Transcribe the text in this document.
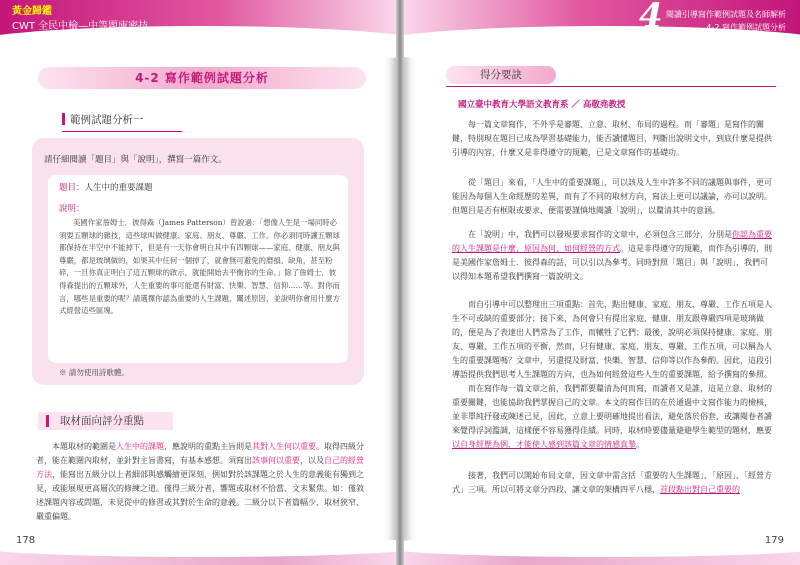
黃金歸鑑
CWT 全民中檢—中等題庫密技
4-2 寫作範例試題分析
範例試題分析一
請仔細閱讀「題目」與「說明」，撰寫一篇作文。
題目：人生中的重要課題
說明：
美國作家詹姆士．彼得森（James Patterson）曾說過：「想像人生是一場同時必須耍五顆球的雜技，這些球叫做健康、家庭、朋友、尊嚴、工作。你必須同時讓五顆球都保持在半空中不能掉下，但是有一天你會明白其中有四顆球——家庭、健康、朋友與尊嚴，都是玻璃做的，如果其中任何一個掉了，就會無可避免的磨損、缺角，甚至粉碎，一旦你真正明白了這五顆球的啟示，就能開始去平衡你的生命。」除了詹姆士．彼得森提出的五顆球外，人生重要的事可能還有財富、快樂、智慧、信仰……等。對你而言，哪些是重要的呢？請選擇你認為重要的人生課題，闡述原因，並說明你會用什麼方式經營這些區塊。
※ 請勿使用詩歌體。
取材面向評分重點
本題取材的範圍是人生中的課題，應說明的重點主旨則是其對人生何以重要。取得四級分者，能在範圍內取材，並針對主旨書寫，有基本感想。須寫出該事何以重要，以及自己的經營方法，能寫出五級分以上者細部與感觸繪更深刻，例如對於該課題之於人生的意義能有獨到之見，或能展現更高層次的修練之道。僅得三級分者，響題或取材不恰當、文末緊焦。如：僅敘述課題內容或問題，未見從中的修習或其對於生命的意義。二級分以下者篇幅少、取材狹窄、嚴重偏題。
178
4 閱讀引導寫作範例試題及名師解析
4-2 寫作範例試題分析
得分要訣
國立臺中教育大學語文教育系 ／ 高敬堯教授

每一篇文章寫作，不外乎是審題、立意、取材、布局的過程。而「審題」是寫作的關鍵，特別現在題目已成為學習基礎能力，能否讀懂題目，判斷出說明文中，到底什麼是提供引導的內容，什麼又是非得遵守的規範，已是文章寫作的基礎功。

從「題目」來看，「人生中的重要課題」，可以該及人生中許多不同的議題與事件，更可能因為每個人生命經歷的差異，而有了不同的取材方向，寫法上更可以議論，亦可以說明。但題目是否有框限或要求，便需要謹慎地閱讀「說明」，以釐清其中的意涵。

在「說明」中，我們可以發現要求寫作的文章中，必須包含三部分，分別是你認為重要的人生課題是什麼、原因為何、如何經營的方式。這是非得遵守的規範，而作為引導的，則是美國作家詹姆士．彼得森的話，可以引以為參考。同時對照「題目」與「說明」，我們可以得知本題希望我們撰寫一篇說明文。

而自引導中可以整理出三項重點：首先，點出健康、家庭、朋友、尊嚴、工作五項是人生不可或缺的重要部分；接下來，為何會只有提出家庭、健康、朋友跟尊嚴四項是玻璃做的，便是為了表達出人們常為了工作，而犧牲了它們；最後，說明必須保持健康、家庭、朋友、尊嚴、工作五項的平衡，然而，只有健康、家庭、朋友、尊嚴、工作五項，可以稱為人生的重要課題嗎？文章中，另還提及財富、快樂、智慧、信仰等以作為參酌。因此，這段引導語提供我們思考人生課題的方向，也為如何經營這些人生的重要課題，給予撰寫的參照。

而在寫作每一篇文章之前，我們都要釐清為何而寫，而讀者又是誰，這是立意、取材的重要關鍵，也能協助我們掌握自己的文章。本文的寫作目的在於通過中文寫作能力的檢核，並非單純抒發或陳述己見，因此，立意上要明確地提出看法，避免落於俗套，或讓閱卷者讀來覺得浮詞濫調，這樣便不容易獲得佳績。同時，取材時要儘量避避學生範型的題材，應要以自身經歷為例，才能使人感到該篇文章的情感真摯。

接著，我們可以開始布局文章，因文章中需含括「重要的人生課題」、「原因」、「經營方式」三項。所以可將文章分四段，讓文章的架構四平八穩，首段點出對自己重要的

179
